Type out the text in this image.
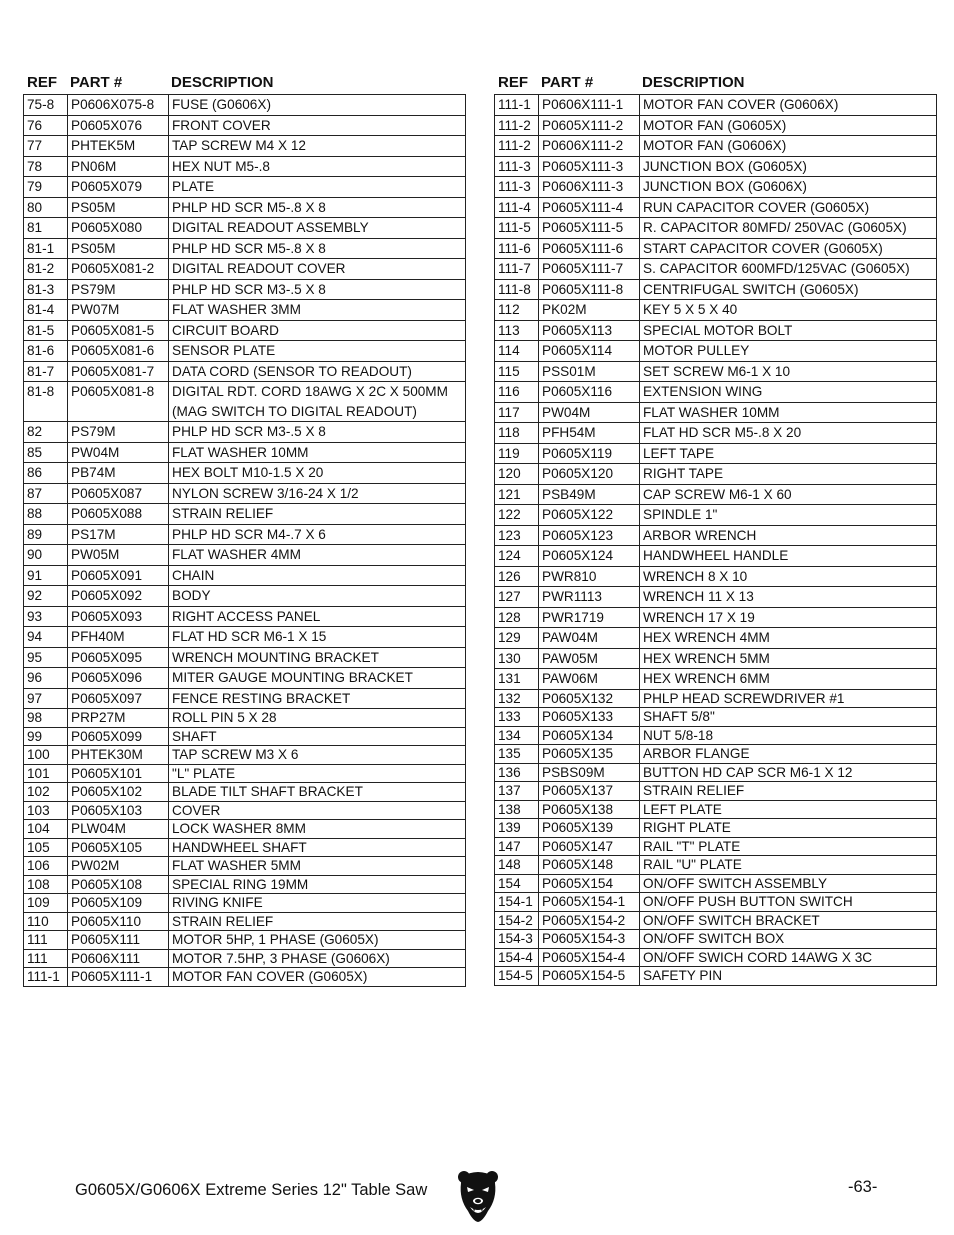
REF PART #	DESCRIPTION
75-8	P0606X075-8	FUSE (G0606X)
76	P0605X076	FRONT COVER
77	PHTEK5M	TAP SCREW M4 X 12
78	PN06M	HEX NUT M5-.8
79	P0605X079	PLATE
80	PS05M	PHLP HD SCR M5-.8 X 8
81	P0605X080	DIGITAL READOUT ASSEMBLY
81-1	PS05M	PHLP HD SCR M5-.8 X 8
81-2	P0605X081-2	DIGITAL READOUT COVER
81-3	PS79M	PHLP HD SCR M3-.5 X 8
81-4	PW07M	FLAT WASHER 3MM
81-5	P0605X081-5	CIRCUIT BOARD
81-6	P0605X081-6	SENSOR PLATE
81-7	P0605X081-7	DATA CORD (SENSOR TO READOUT)
81-8	P0605X081-8	DIGITAL RDT. CORD 18AWG X 2C X 500MM
(MAG SWITCH TO DIGITAL READOUT)
82	PS79M	PHLP HD SCR M3-.5 X 8
85	PW04M	FLAT WASHER 10MM
86	PB74M	HEX BOLT M10-1.5 X 20
87	P0605X087	NYLON SCREW 3/16-24 X 1/2
88	P0605X088	STRAIN RELIEF
89	PS17M	PHLP HD SCR M4-.7 X 6
90	PW05M	FLAT WASHER 4MM
91	P0605X091	CHAIN
92	P0605X092	BODY
93	P0605X093	RIGHT ACCESS PANEL
94	PFH40M	FLAT HD SCR M6-1 X 15
95	P0605X095	WRENCH MOUNTING BRACKET
96	P0605X096	MITER GAUGE MOUNTING BRACKET
97	P0605X097	FENCE RESTING BRACKET
98	PRP27M	ROLL PIN 5 X 28
99	P0605X099	SHAFT
100	PHTEK30M	TAP SCREW M3 X 6
101	P0605X101	"L" PLATE
102	P0605X102	BLADE TILT SHAFT BRACKET
103	P0605X103	COVER
104	PLW04M	LOCK WASHER 8MM
105	P0605X105	HANDWHEEL SHAFT
106	PW02M	FLAT WASHER 5MM
108	P0605X108	SPECIAL RING 19MM
109	P0605X109	RIVING KNIFE
110	P0605X110	STRAIN RELIEF
111	P0605X111	MOTOR 5HP, 1 PHASE (G0605X)
111	P0606X111	MOTOR 7.5HP, 3 PHASE (G0606X)
111-1 P0605X111-1	MOTOR FAN COVER (G0605X)
REF PART #	DESCRIPTION
111-1 P0606X111-1	MOTOR FAN COVER (G0606X)
111-2 P0605X111-2	MOTOR FAN (G0605X)
111-2 P0606X111-2	MOTOR FAN (G0606X)
111-3 P0605X111-3	JUNCTION BOX (G0605X)
111-3 P0606X111-3	JUNCTION BOX (G0606X)
111-4 P0605X111-4	RUN CAPACITOR COVER (G0605X)
111-5 P0605X111-5	R. CAPACITOR 80MFD/ 250VAC (G0605X)
111-6 P0605X111-6	START CAPACITOR COVER (G0605X)
111-7 P0605X111-7	S. CAPACITOR 600MFD/125VAC (G0605X)
111-8 P0605X111-8	CENTRIFUGAL SWITCH (G0605X)
112	PK02M	KEY 5 X 5 X 40
113	P0605X113	SPECIAL MOTOR BOLT
114	P0605X114	MOTOR PULLEY
115	PSS01M	SET SCREW M6-1 X 10
116	P0605X116	EXTENSION WING
117	PW04M	FLAT WASHER 10MM
118	PFH54M	FLAT HD SCR M5-.8 X 20
119	P0605X119	LEFT TAPE
120	P0605X120	RIGHT TAPE
121	PSB49M	CAP SCREW M6-1 X 60
122	P0605X122	SPINDLE 1"
123	P0605X123	ARBOR WRENCH
124	P0605X124	HANDWHEEL HANDLE
126	PWR810	WRENCH 8 X 10
127	PWR1113	WRENCH 11 X 13
128	PWR1719	WRENCH 17 X 19
129	PAW04M	HEX WRENCH 4MM
130	PAW05M	HEX WRENCH 5MM
131	PAW06M	HEX WRENCH 6MM
132	P0605X132	PHLP HEAD SCREWDRIVER #1
133	P0605X133	SHAFT 5/8"
134	P0605X134	NUT 5/8-18
135	P0605X135	ARBOR FLANGE
136	PSBS09M	BUTTON HD CAP SCR M6-1 X 12
137	P0605X137	STRAIN RELIEF
138	P0605X138	LEFT PLATE
139	P0605X139	RIGHT PLATE
147	P0605X147	RAIL "T" PLATE
148	P0605X148	RAIL "U" PLATE
154	P0605X154	ON/OFF SWITCH ASSEMBLY
154-1 P0605X154-1	ON/OFF PUSH BUTTON SWITCH
154-2 P0605X154-2	ON/OFF SWITCH BRACKET
154-3 P0605X154-3	ON/OFF SWITCH BOX
154-4 P0605X154-4	ON/OFF SWICH CORD 14AWG X 3C
154-5 P0605X154-5	SAFETY PIN
G0605X/G0606X Extreme Series 12" Table Saw	-63-
